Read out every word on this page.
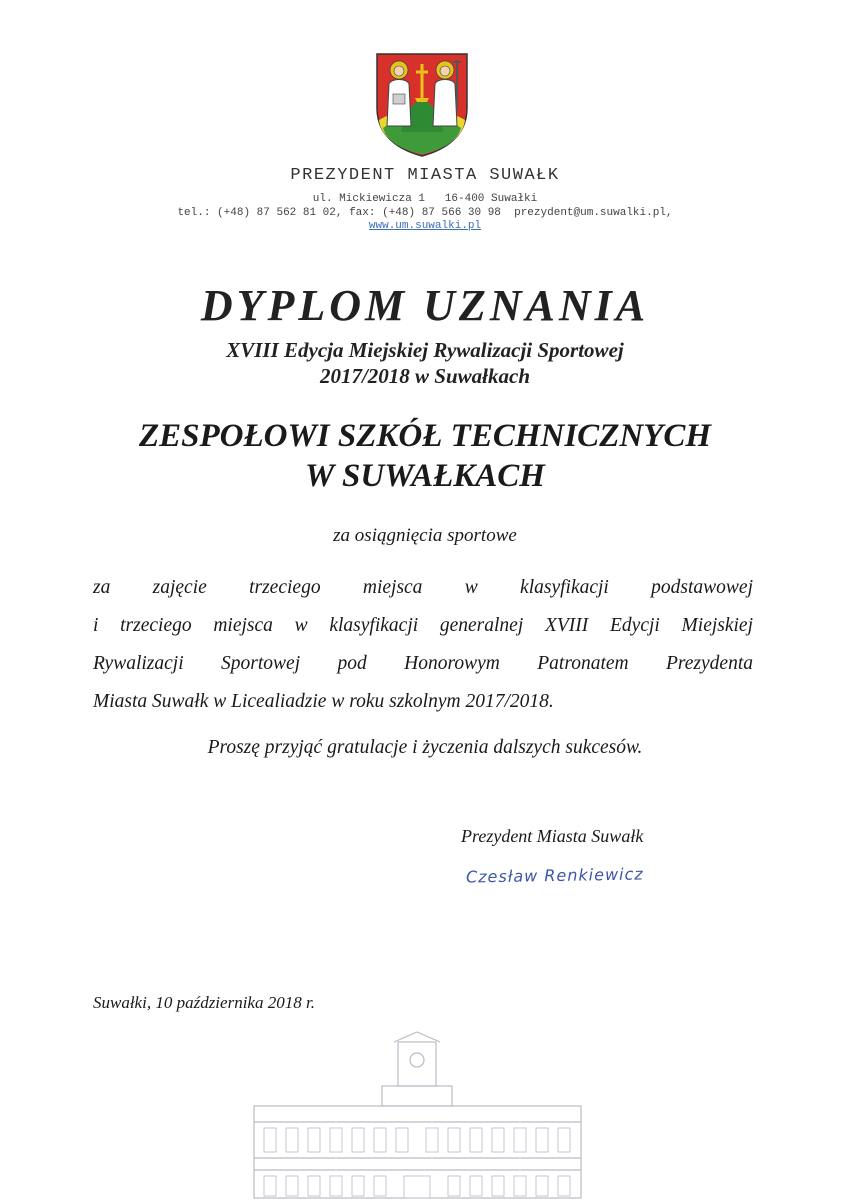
PREZYDENT MIASTA SUWAŁK
ul. Mickiewicza 1   16-400 Suwałki
tel.: (+48) 87 562 81 02, fax: (+48) 87 566 30 98  prezydent@um.suwalki.pl,
www.um.suwalki.pl
DYPLOM UZNANIA
XVIII Edycja Miejskiej Rywalizacji Sportowej
2017/2018 w Suwałkach
ZESPOŁOWI SZKÓŁ TECHNICZNYCH
W SUWAŁKACH
za osiągnięcia sportowe
za zajęcie trzeciego miejsca w klasyfikacji podstawowej
i trzeciego miejsca w klasyfikacji generalnej XVIII Edycji Miejskiej
Rywalizacji Sportowej pod Honorowym Patronatem Prezydenta
Miasta Suwałk w Licealiadzie w roku szkolnym 2017/2018.
Proszę przyjąć gratulacje i życzenia dalszych sukcesów.
Prezydent Miasta Suwałk
Czesław Renkiewicz
Suwałki, 10 października 2018 r.
